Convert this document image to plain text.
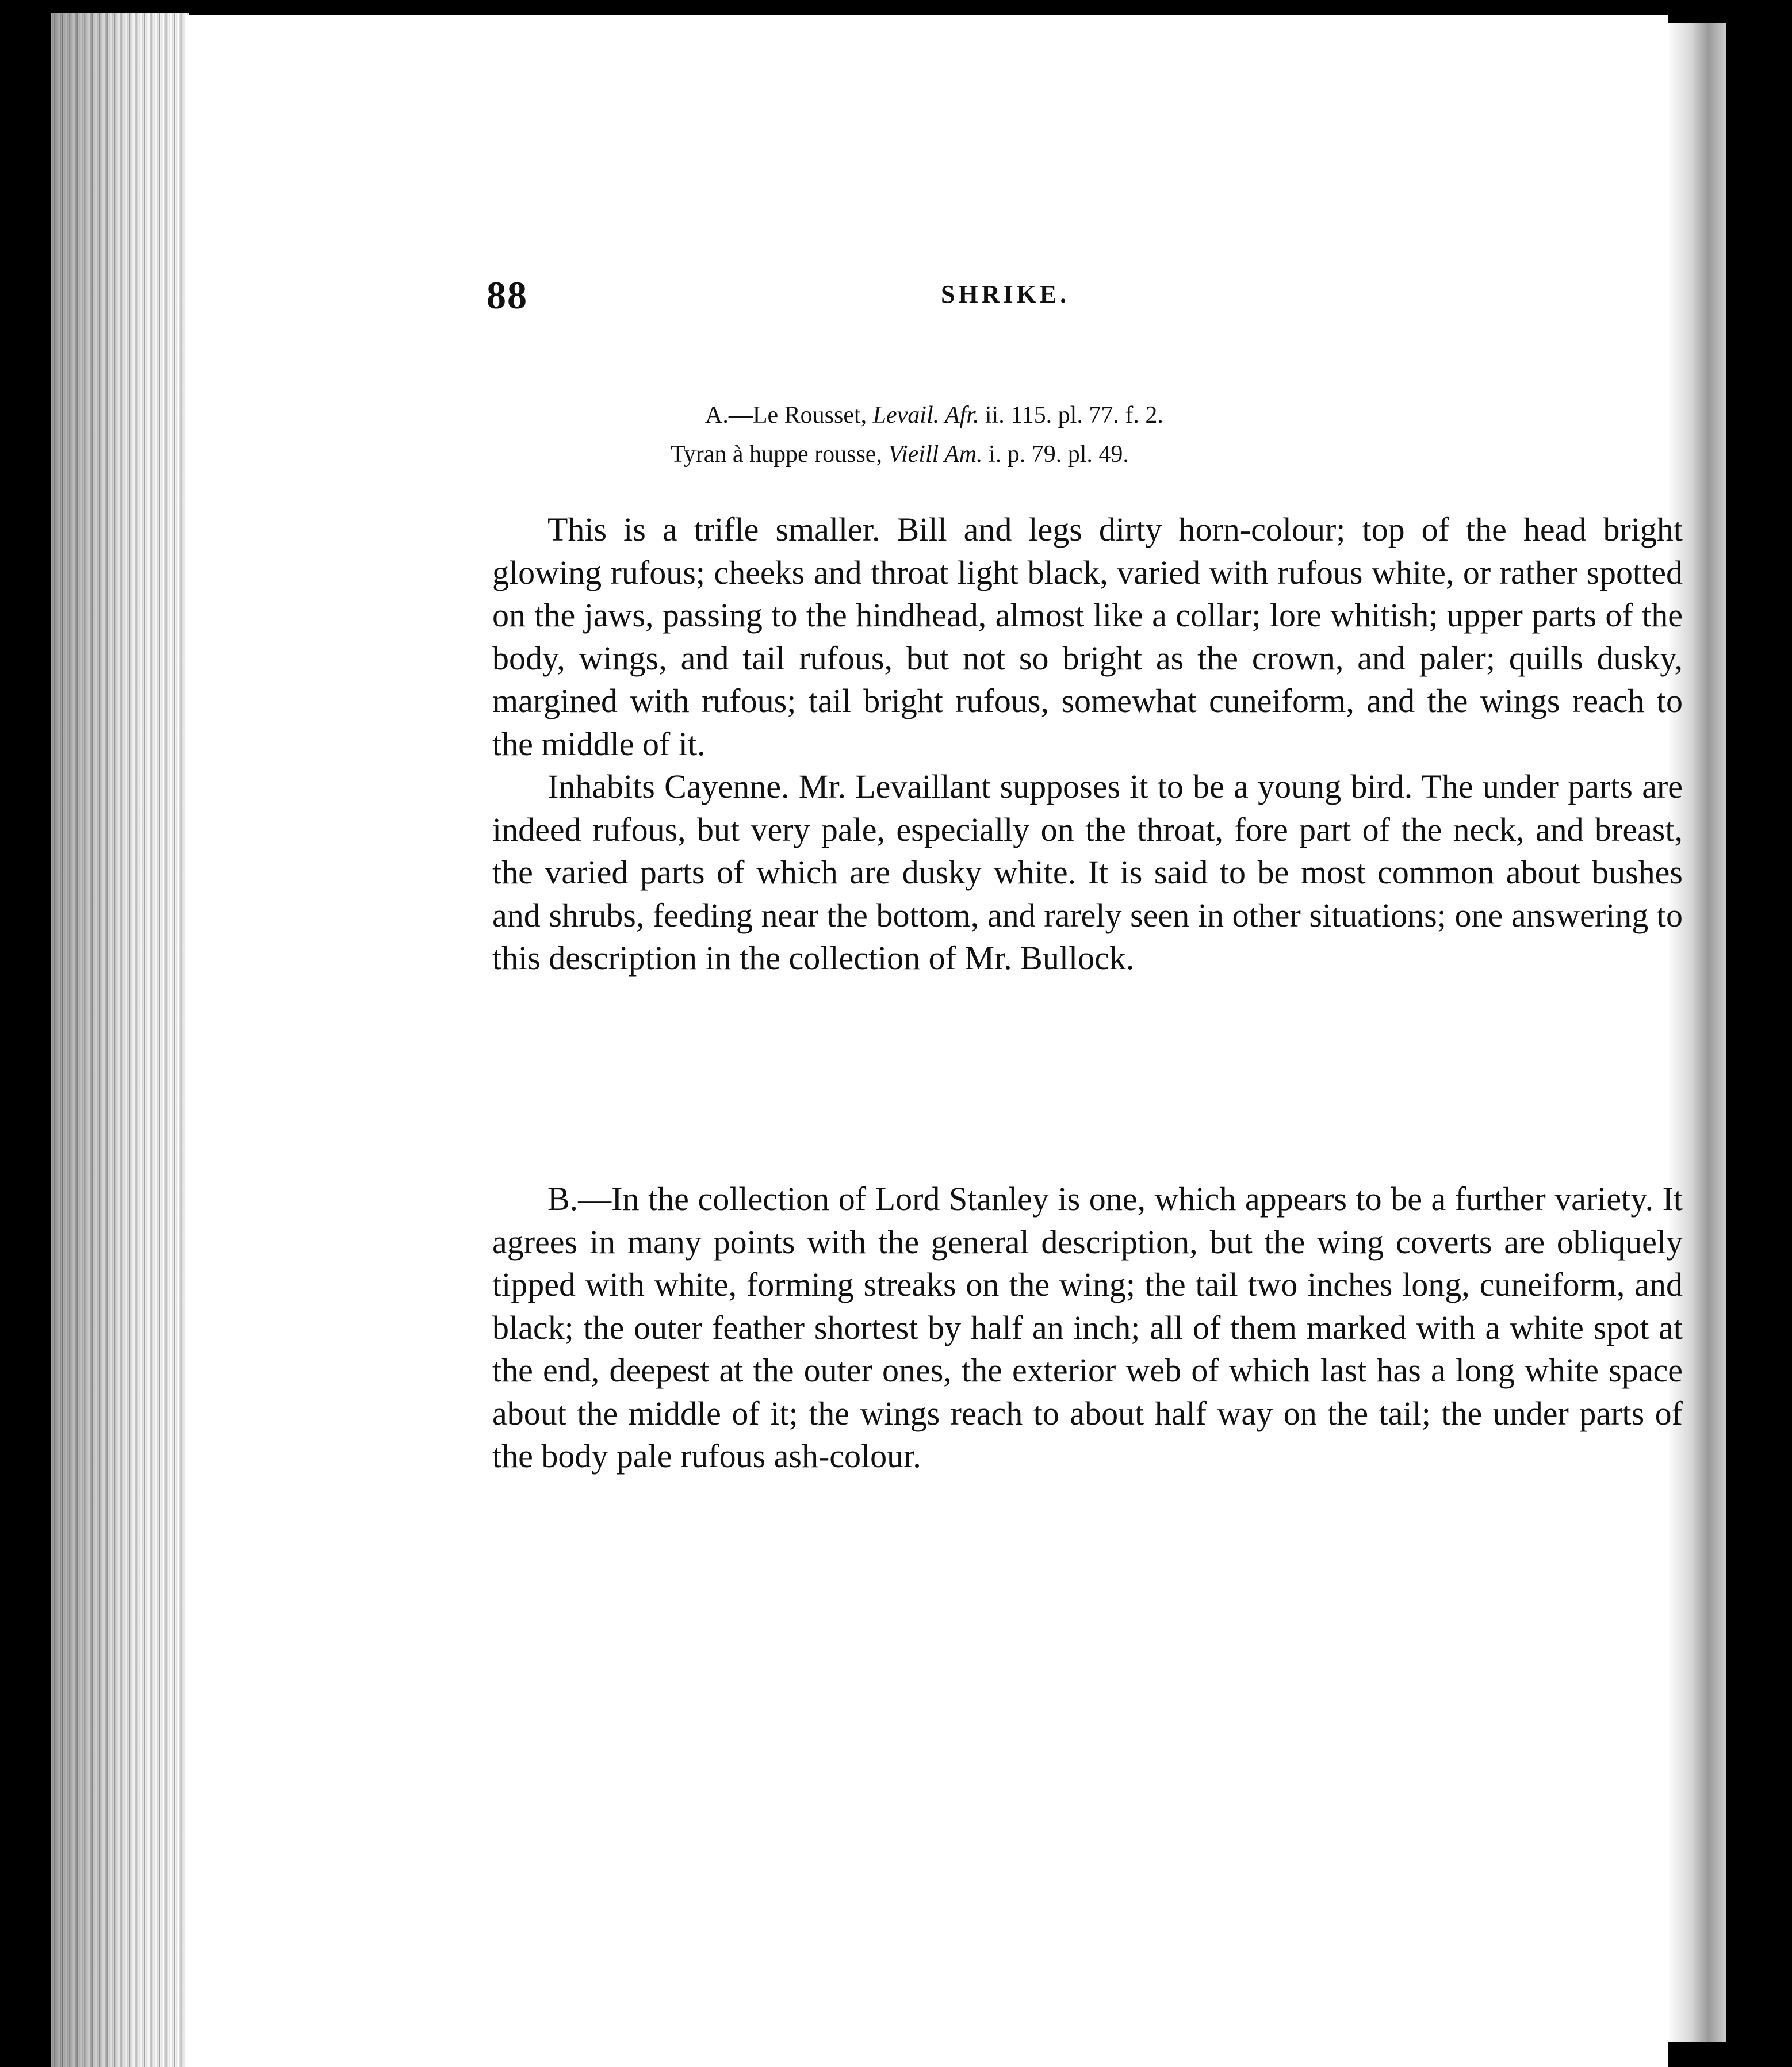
88	SHRIKE.
A.—Le Rousset, Levail. Afr. ii. 115. pl. 77. f. 2.
Tyran à huppe rousse, Vieill Am. i. p. 79. pl. 49.

This is a trifle smaller. Bill and legs dirty horn-colour; top of the head bright glowing rufous; cheeks and throat light black, varied with rufous white, or rather spotted on the jaws, passing to the hindhead, almost like a collar; lore whitish; upper parts of the body, wings, and tail rufous, but not so bright as the crown, and paler; quills dusky, margined with rufous; tail bright rufous, somewhat cuneiform, and the wings reach to the middle of it.

Inhabits Cayenne. Mr. Levaillant supposes it to be a young bird. The under parts are indeed rufous, but very pale, especially on the throat, fore part of the neck, and breast, the varied parts of which are dusky white. It is said to be most common about bushes and shrubs, feeding near the bottom, and rarely seen in other situations; one answering to this description in the collection of Mr. Bullock.

B.—In the collection of Lord Stanley is one, which appears to be a further variety. It agrees in many points with the general description, but the wing coverts are obliquely tipped with white, forming streaks on the wing; the tail two inches long, cuneiform, and black; the outer feather shortest by half an inch; all of them marked with a white spot at the end, deepest at the outer ones, the exterior web of which last has a long white space about the middle of it; the wings reach to about half way on the tail; the under parts of the body pale rufous ash-colour.
